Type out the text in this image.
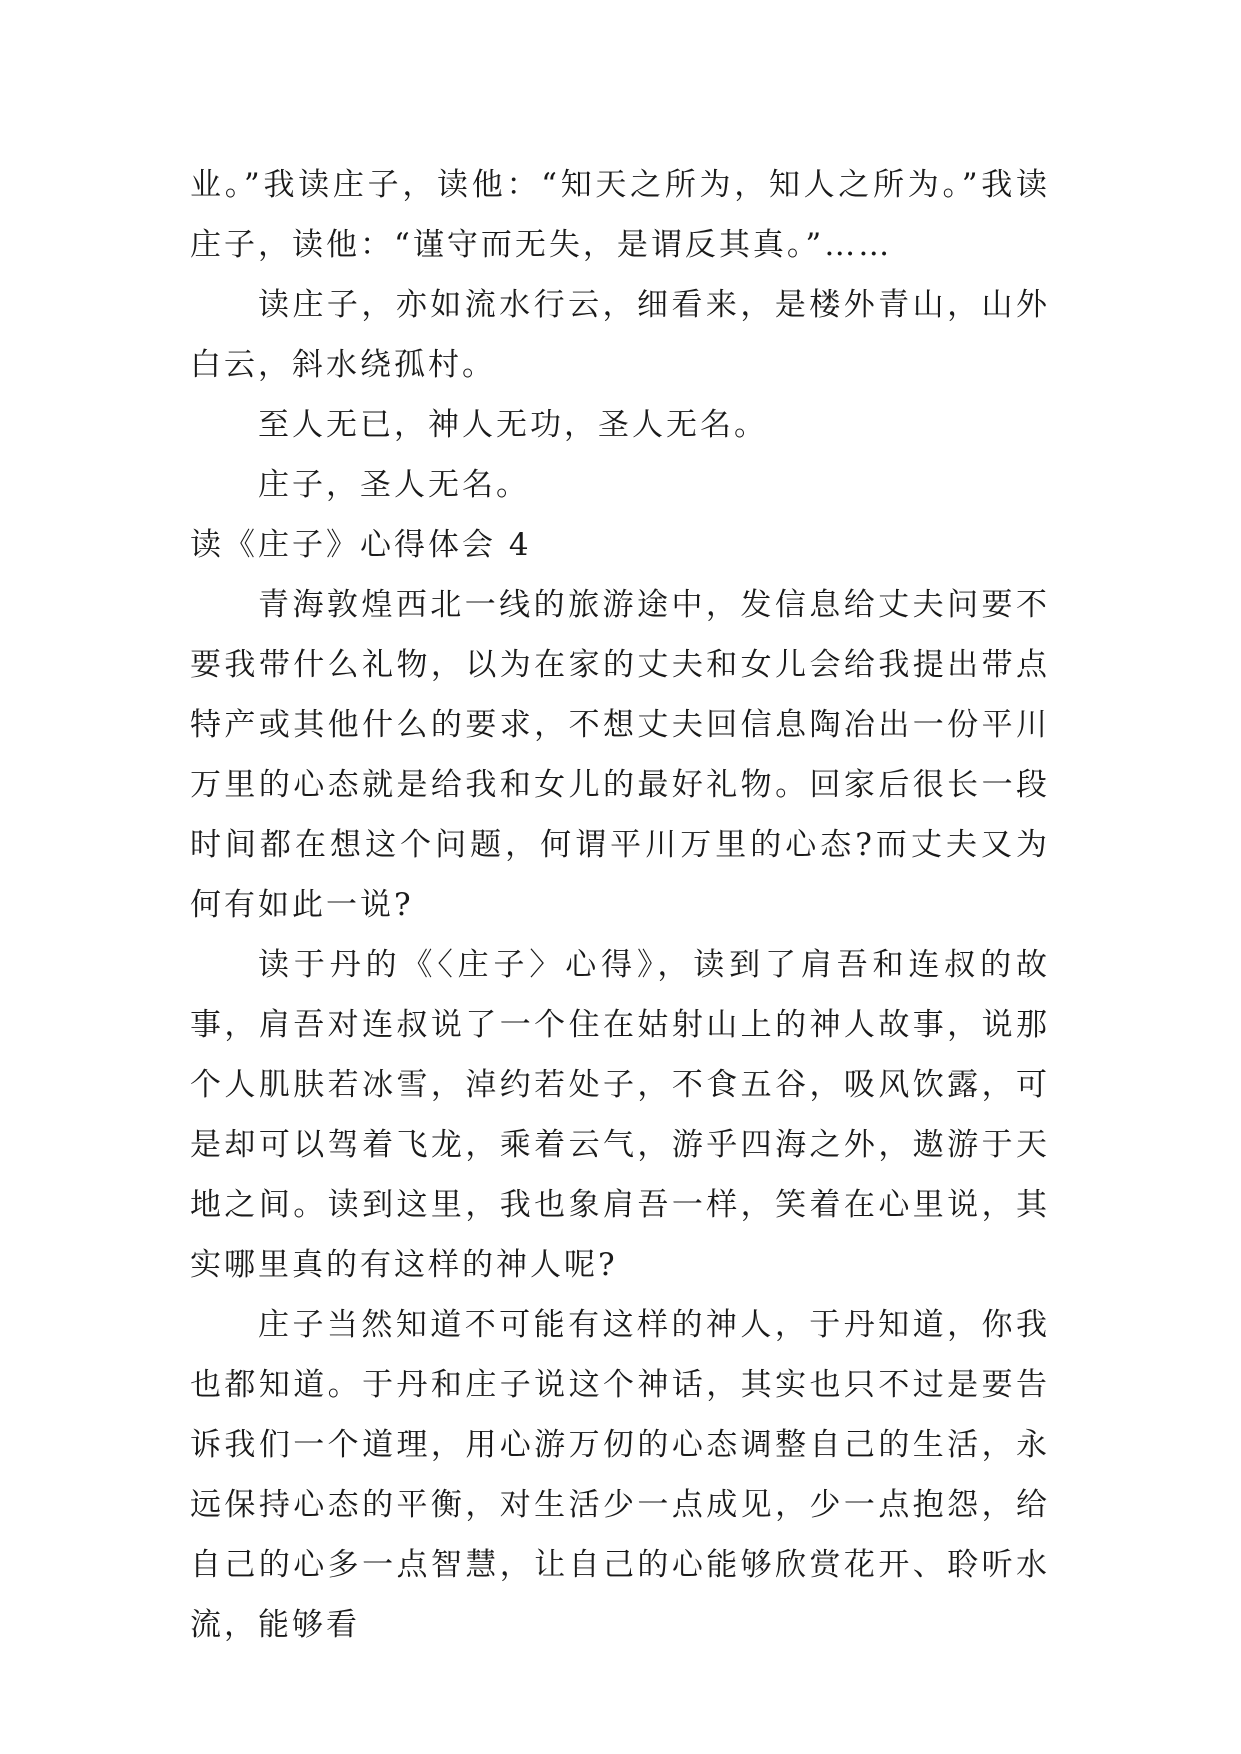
业。”我读庄子，读他：“知天之所为，知人之所为。”我读庄子，读他：“谨守而无失，是谓反其真。”……

读庄子，亦如流水行云，细看来，是楼外青山，山外白云，斜水绕孤村。

至人无已，神人无功，圣人无名。

庄子，圣人无名。

读《庄子》心得体会 4

青海敦煌西北一线的旅游途中，发信息给丈夫问要不要我带什么礼物，以为在家的丈夫和女儿会给我提出带点特产或其他什么的要求，不想丈夫回信息陶冶出一份平川万里的心态就是给我和女儿的最好礼物。回家后很长一段时间都在想这个问题，何谓平川万里的心态?而丈夫又为何有如此一说?

读于丹的《〈庄子〉心得》，读到了肩吾和连叔的故事，肩吾对连叔说了一个住在姑射山上的神人故事，说那个人肌肤若冰雪，淖约若处子，不食五谷，吸风饮露，可是却可以驾着飞龙，乘着云气，游乎四海之外，遨游于天地之间。读到这里，我也象肩吾一样，笑着在心里说，其实哪里真的有这样的神人呢?

庄子当然知道不可能有这样的神人，于丹知道，你我也都知道。于丹和庄子说这个神话，其实也只不过是要告诉我们一个道理，用心游万仞的心态调整自己的生活，永远保持心态的平衡，对生活少一点成见，少一点抱怨，给自己的心多一点智慧，让自己的心能够欣赏花开、聆听水流，能够看
